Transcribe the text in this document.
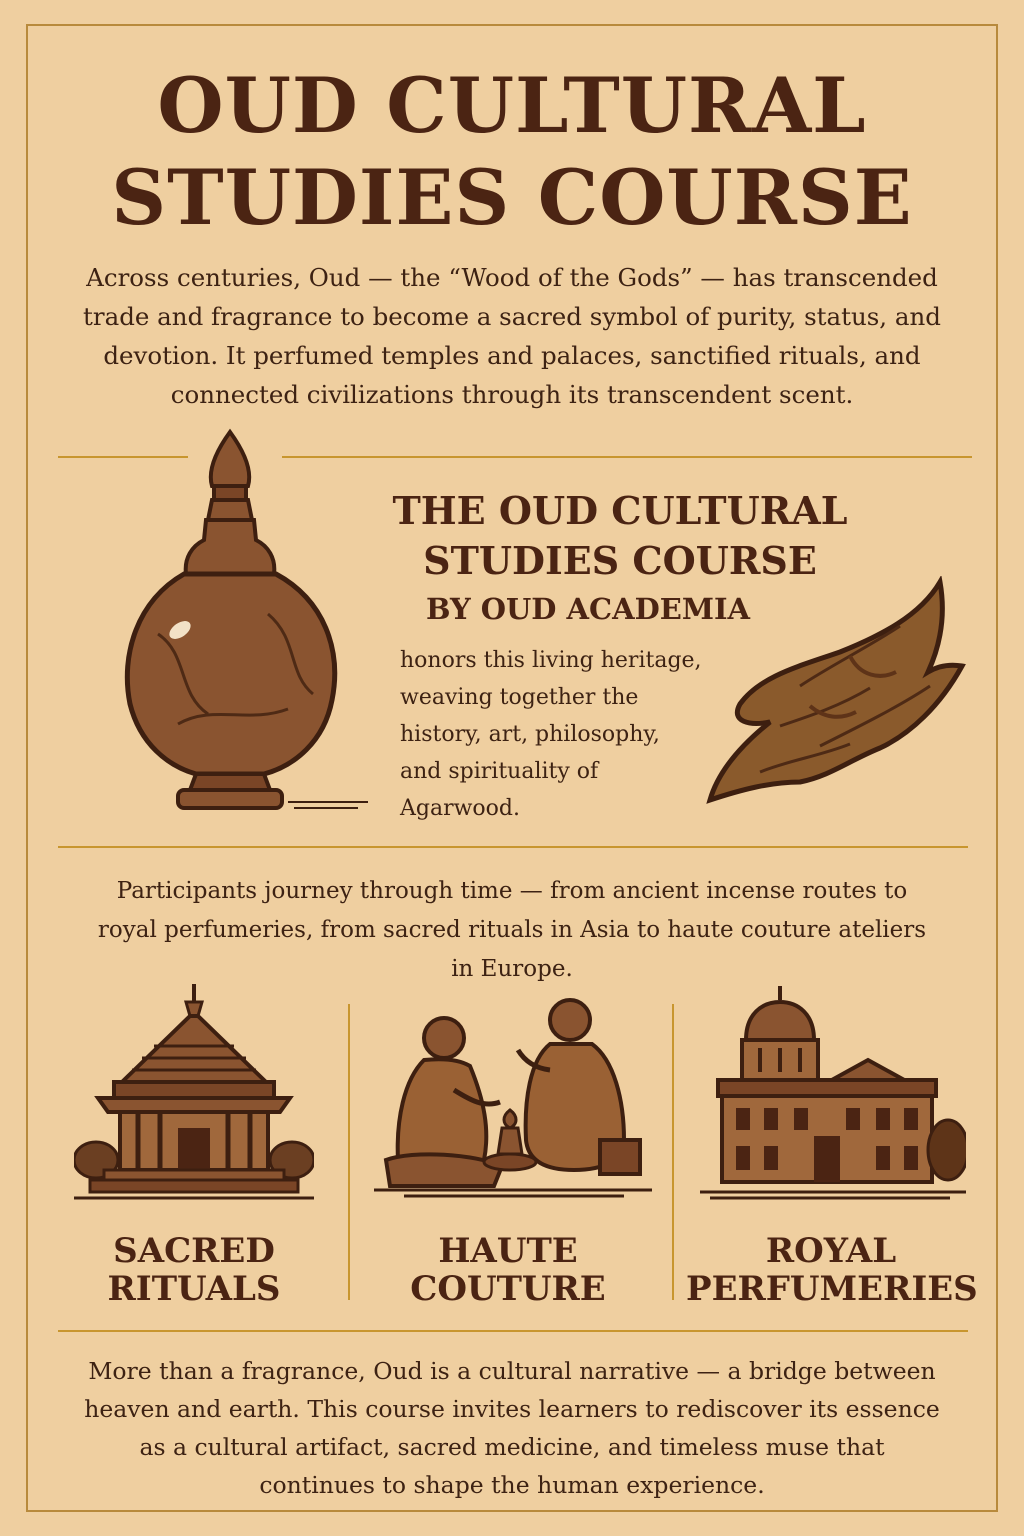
OUD CULTURAL
STUDIES COURSE
Across centuries, Oud — the “Wood of the Gods” — has transcended
trade and fragrance to become a sacred symbol of purity, status, and
devotion. It perfumed temples and palaces, sanctified rituals, and
connected civilizations through its transcendent scent.
THE OUD CULTURAL
STUDIES COURSE
BY OUD ACADEMIA
honors this living heritage,
weaving together the
history, art, philosophy,
and spirituality of
Agarwood.
Participants journey through time — from ancient incense routes to
royal perfumeries, from sacred rituals in Asia to haute couture ateliers
in Europe.
SACRED
RITUALS
HAUTE
COUTURE
ROYAL
PERFUMERIES
More than a fragrance, Oud is a cultural narrative — a bridge between
heaven and earth. This course invites learners to rediscover its essence
as a cultural artifact, sacred medicine, and timeless muse that
continues to shape the human experience.
